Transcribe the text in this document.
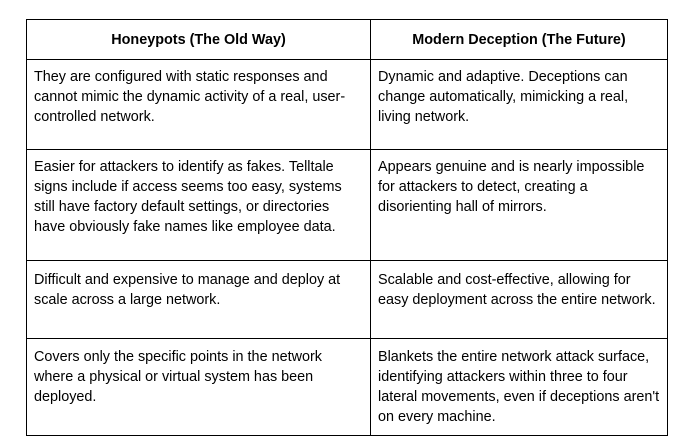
Honeypots (The Old Way)	Modern Deception (The Future)
They are configured with static responses and cannot mimic the dynamic activity of a real, user-controlled network.	Dynamic and adaptive. Deceptions can change automatically, mimicking a real, living network.
Easier for attackers to identify as fakes. Telltale signs include if access seems too easy, systems still have factory default settings, or directories have obviously fake names like employee data.	Appears genuine and is nearly impossible for attackers to detect, creating a disorienting hall of mirrors.
Difficult and expensive to manage and deploy at scale across a large network.	Scalable and cost-effective, allowing for easy deployment across the entire network.
Covers only the specific points in the network where a physical or virtual system has been deployed.	Blankets the entire network attack surface, identifying attackers within three to four lateral movements, even if deceptions aren't on every machine.
